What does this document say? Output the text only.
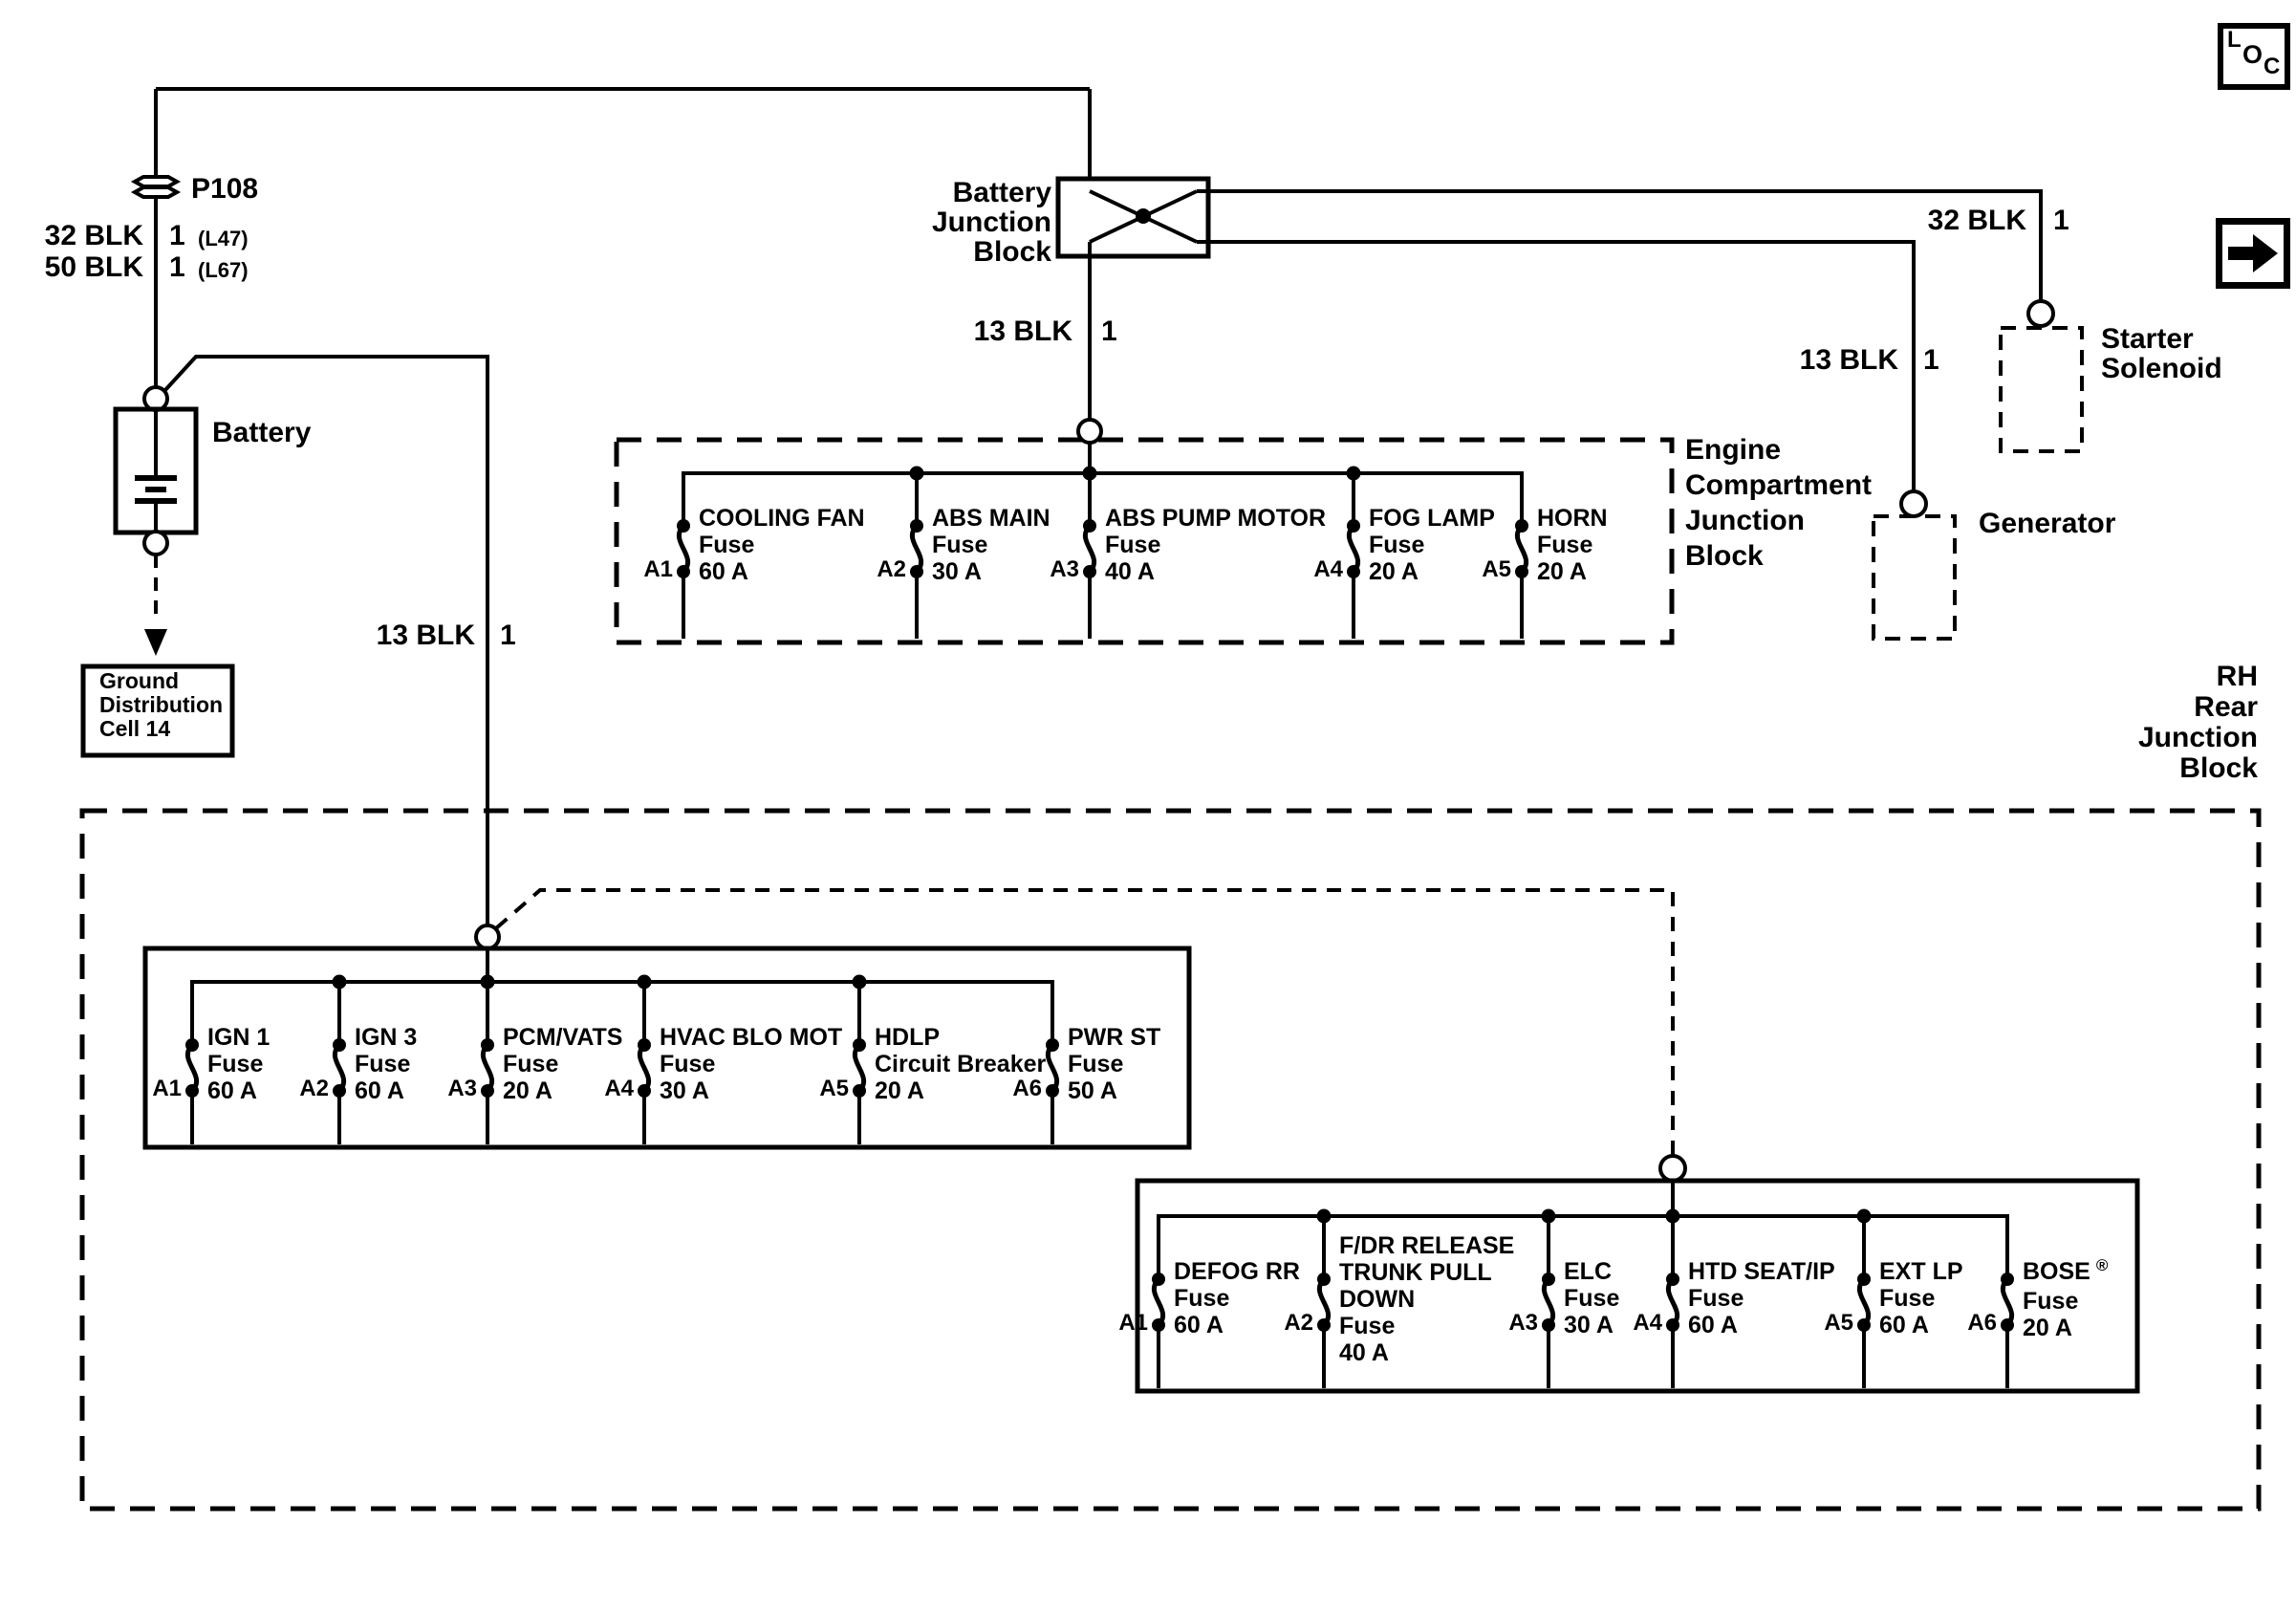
P108
32 BLK 1 (L47)
50 BLK 1 (L67)
Battery
Ground
Distribution
Cell 14
Battery
Junction
Block
13 BLK 1
13 BLK 1
32 BLK 1
13 BLK 1
Starter
Solenoid
Generator
Engine
Compartment
Junction
Block
RH
Rear
Junction
Block
A1
COOLING FAN
Fuse
60 A	A2
ABS MAIN
Fuse
30 A	A3
ABS PUMP MOTOR
Fuse
40 A	A4
FOG LAMP
Fuse
20 A	A5
HORN
Fuse
20 A
A1
IGN 1
Fuse
60 A	A2
IGN 3
Fuse
60 A	A3
PCM/VATS
Fuse
20 A	A4
HVAC BLO MOT
Fuse
30 A	A5
HDLP
Circuit Breaker
20 A	A6
PWR ST
Fuse
50 A
A1
DEFOG RR
Fuse
60 A	A2
F/DR RELEASE
TRUNK PULL
DOWN
Fuse
40 A
A3
ELC
Fuse
30 A A4
HTD SEAT/IP
Fuse
60 A	A5
EXT LP
Fuse
60 A	A6
BOSE ®
Fuse
20 A
L
O C
